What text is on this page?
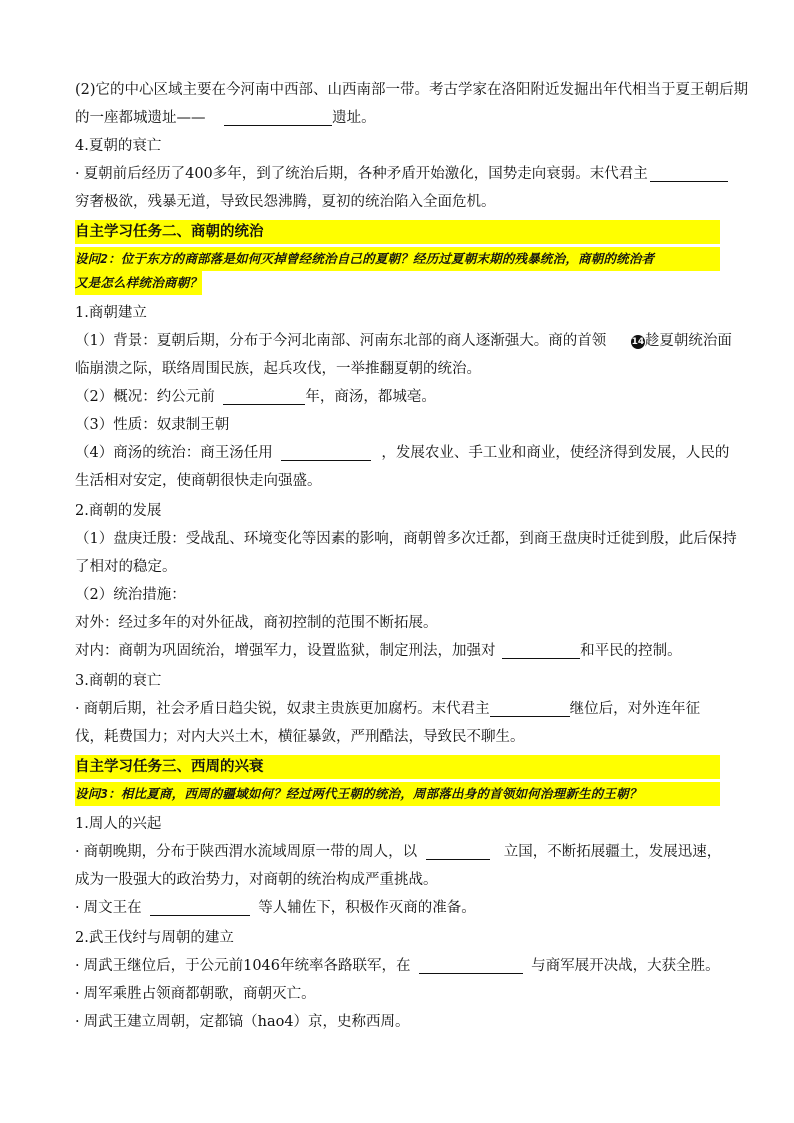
(2)它的中心区域主要在今河南中西部、山西南部一带。考古学家在洛阳附近发掘出年代相当于夏王朝后期
的一座都城遗址——	遗址。
4.夏朝的衰亡
· 夏朝前后经历了400多年，到了统治后期，各种矛盾开始激化，国势走向衰弱。末代君主
穷奢极欲，残暴无道，导致民怨沸腾，夏初的统治陷入全面危机。
自主学习任务二、商朝的统治
设问2：位于东方的商部落是如何灭掉曾经统治自己的夏朝？经历过夏朝末期的残暴统治，商朝的统治者
又是怎么样统治商朝？
1.商朝建立
（1）背景：夏朝后期，分布于今河北南部、河南东北部的商人逐渐强大。商的首领	14趁夏朝统治面
临崩溃之际，联络周围民族，起兵攻伐，一举推翻夏朝的统治。
（2）概况：约公元前	年，商汤，都城亳。
（3）性质：奴隶制王朝
（4）商汤的统治：商王汤任用	，发展农业、手工业和商业，使经济得到发展，人民的
生活相对安定，使商朝很快走向强盛。
2.商朝的发展
（1）盘庚迁殷：受战乱、环境变化等因素的影响，商朝曾多次迁都，到商王盘庚时迁徙到殷，此后保持
了相对的稳定。
（2）统治措施：
对外：经过多年的对外征战，商初控制的范围不断拓展。
对内：商朝为巩固统治，增强军力，设置监狱，制定刑法，加强对	和平民的控制。
3.商朝的衰亡
· 商朝后期，社会矛盾日趋尖锐，奴隶主贵族更加腐朽。末代君主	继位后，对外连年征
伐，耗费国力；对内大兴土木，横征暴敛，严刑酷法，导致民不聊生。
自主学习任务三、西周的兴衰
设问3：相比夏商，西周的疆域如何？经过两代王朝的统治，周部落出身的首领如何治理新生的王朝？
1.周人的兴起
· 商朝晚期，分布于陕西渭水流域周原一带的周人，以	立国，不断拓展疆土，发展迅速，
成为一股强大的政治势力，对商朝的统治构成严重挑战。
· 周文王在	等人辅佐下，积极作灭商的准备。
2.武王伐纣与周朝的建立
· 周武王继位后，于公元前1046年统率各路联军，在	与商军展开决战，大获全胜。
· 周军乘胜占领商都朝歌，商朝灭亡。
· 周武王建立周朝，定都镐（hao4）京，史称西周。
